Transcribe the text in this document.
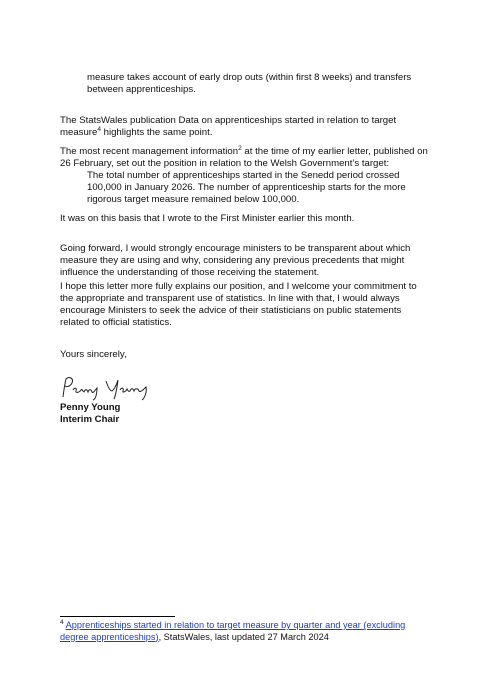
measure takes account of early drop outs (within first 8 weeks) and transfers between apprenticeships.

The StatsWales publication Data on apprenticeships started in relation to target measure$^4$ highlights the same point.

The most recent management information$^2$ at the time of my earlier letter, published on 26 February, set out the position in relation to the Welsh Government’s target:

The total number of apprenticeships started in the Senedd period crossed 100,000 in January 2026. The number of apprenticeship starts for the more rigorous target measure remained below 100,000.

It was on this basis that I wrote to the First Minister earlier this month.

Going forward, I would strongly encourage ministers to be transparent about which measure they are using and why, considering any previous precedents that might influence the understanding of those receiving the statement.

I hope this letter more fully explains our position, and I welcome your commitment to the appropriate and transparent use of statistics. In line with that, I would always encourage Ministers to seek the advice of their statisticians on public statements related to official statistics.

Yours sincerely,

Penny Young

Interim Chair

$^4$ Apprenticeships started in relation to target measure by quarter and year (excluding degree apprenticeships), StatsWales, last updated 27 March 2024
